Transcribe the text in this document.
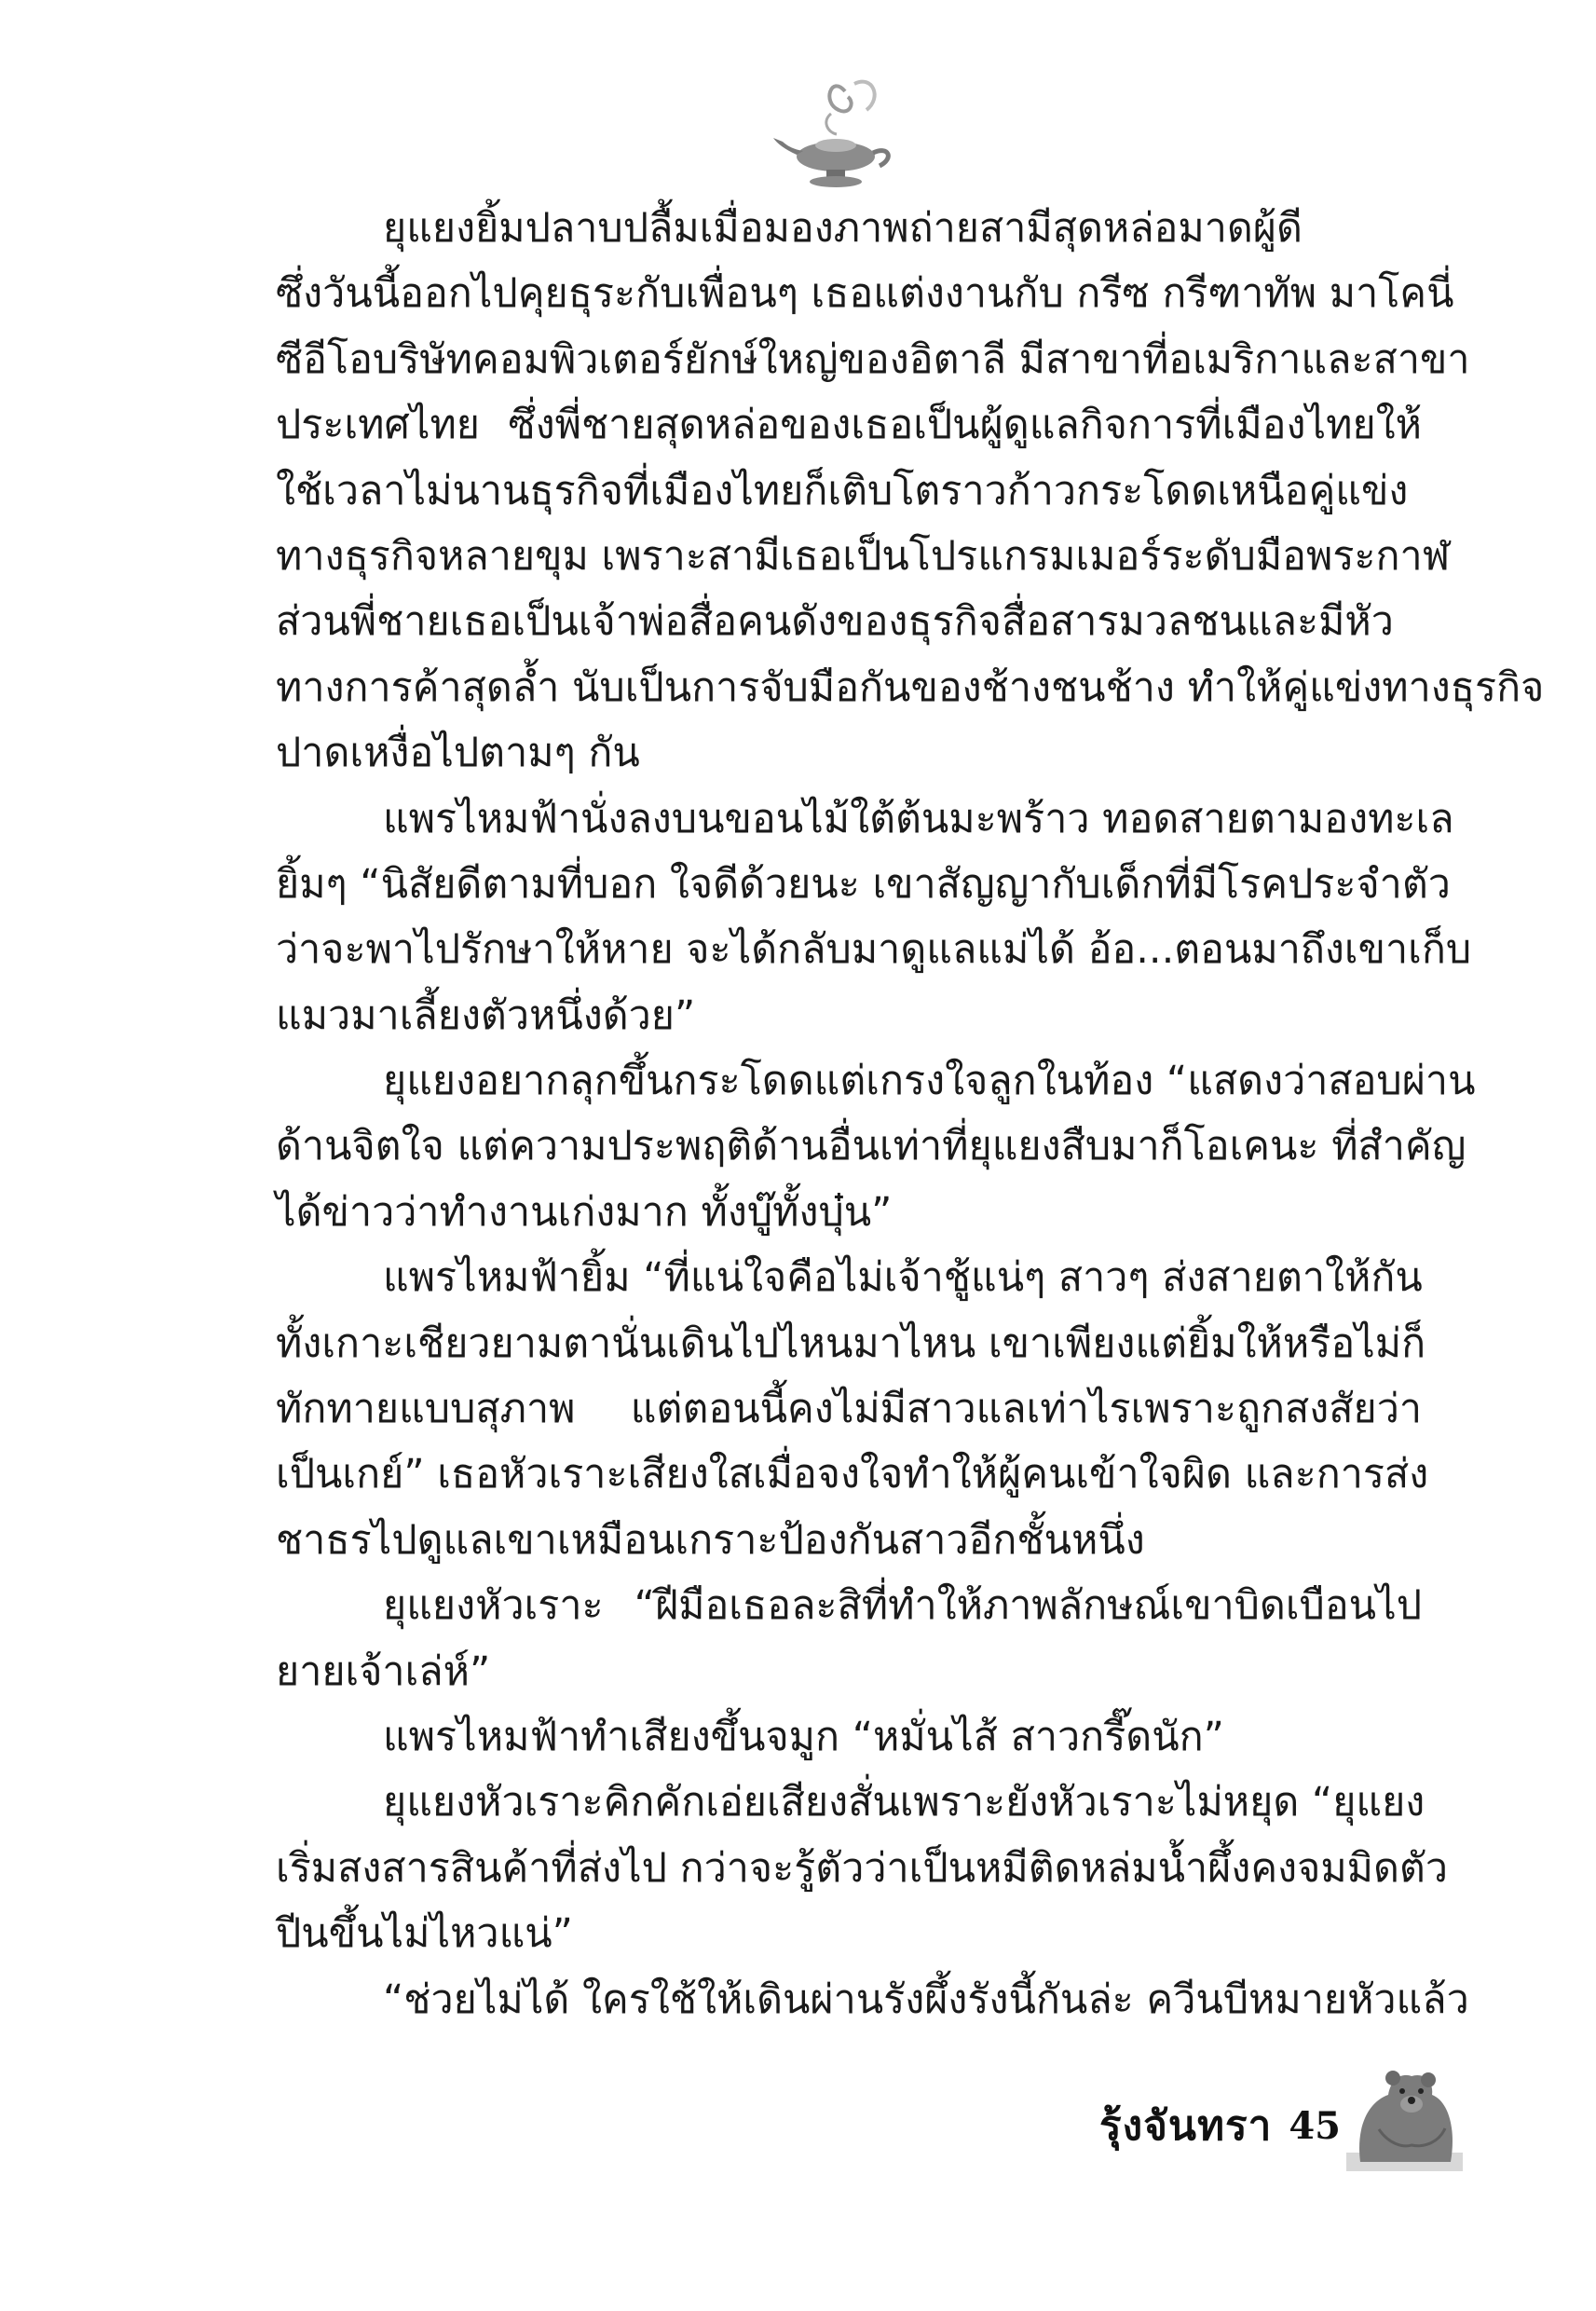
ยุแยงยิ้มปลาบปลื้มเมื่อมองภาพถ่ายสามีสุดหล่อมาดผู้ดี
ซึ่งวันนี้ออกไปคุยธุระกับเพื่อนๆ เธอแต่งงานกับ กรีซ กรีฑาทัพ มาโคนี่
ซีอีโอบริษัทคอมพิวเตอร์ยักษ์ใหญ่ของอิตาลี มีสาขาที่อเมริกาและสาขา
ประเทศไทย ซึ่งพี่ชายสุดหล่อของเธอเป็นผู้ดูแลกิจการที่เมืองไทยให้
ใช้เวลาไม่นานธุรกิจที่เมืองไทยก็เติบโตราวก้าวกระโดดเหนือคู่แข่ง
ทางธุรกิจหลายขุม เพราะสามีเธอเป็นโปรแกรมเมอร์ระดับมือพระกาฬ
ส่วนพี่ชายเธอเป็นเจ้าพ่อสื่อคนดังของธุรกิจสื่อสารมวลชนและมีหัว
ทางการค้าสุดล้ำ นับเป็นการจับมือกันของช้างชนช้าง ทำให้คู่แข่งทางธุรกิจ
ปาดเหงื่อไปตามๆ กัน
แพรไหมฟ้านั่งลงบนขอนไม้ใต้ต้นมะพร้าว ทอดสายตามองทะเล
ยิ้มๆ “นิสัยดีตามที่บอก ใจดีด้วยนะ เขาสัญญากับเด็กที่มีโรคประจำตัว
ว่าจะพาไปรักษาให้หาย จะได้กลับมาดูแลแม่ได้ อ้อ...ตอนมาถึงเขาเก็บ
แมวมาเลี้ยงตัวหนึ่งด้วย”
ยุแยงอยากลุกขึ้นกระโดดแต่เกรงใจลูกในท้อง “แสดงว่าสอบผ่าน
ด้านจิตใจ แต่ความประพฤติด้านอื่นเท่าที่ยุแยงสืบมาก็โอเคนะ ที่สำคัญ
ได้ข่าวว่าทำงานเก่งมาก ทั้งบู๊ทั้งบุ๋น”
แพรไหมฟ้ายิ้ม “ที่แน่ใจคือไม่เจ้าชู้แน่ๆ สาวๆ ส่งสายตาให้กัน
ทั้งเกาะเชียวยามตานั่นเดินไปไหนมาไหน เขาเพียงแต่ยิ้มให้หรือไม่ก็
ทักทายแบบสุภาพ แต่ตอนนี้คงไม่มีสาวแลเท่าไรเพราะถูกสงสัยว่า
เป็นเกย์” เธอหัวเราะเสียงใสเมื่อจงใจทำให้ผู้คนเข้าใจผิด และการส่ง
ชาธรไปดูแลเขาเหมือนเกราะป้องกันสาวอีกชั้นหนึ่ง
ยุแยงหัวเราะ “ฝีมือเธอละสิที่ทำให้ภาพลักษณ์เขาบิดเบือนไป
ยายเจ้าเล่ห์”
แพรไหมฟ้าทำเสียงขึ้นจมูก “หมั่นไส้ สาวกรี๊ดนัก”
ยุแยงหัวเราะคิกคักเอ่ยเสียงสั่นเพราะยังหัวเราะไม่หยุด “ยุแยง
เริ่มสงสารสินค้าที่ส่งไป กว่าจะรู้ตัวว่าเป็นหมีติดหล่มน้ำผึ้งคงจมมิดตัว
ปีนขึ้นไม่ไหวแน่”
“ช่วยไม่ได้ ใครใช้ให้เดินผ่านรังผึ้งรังนี้กันล่ะ ควีนบีหมายหัวแล้ว
รุ้งจันทรา 45
